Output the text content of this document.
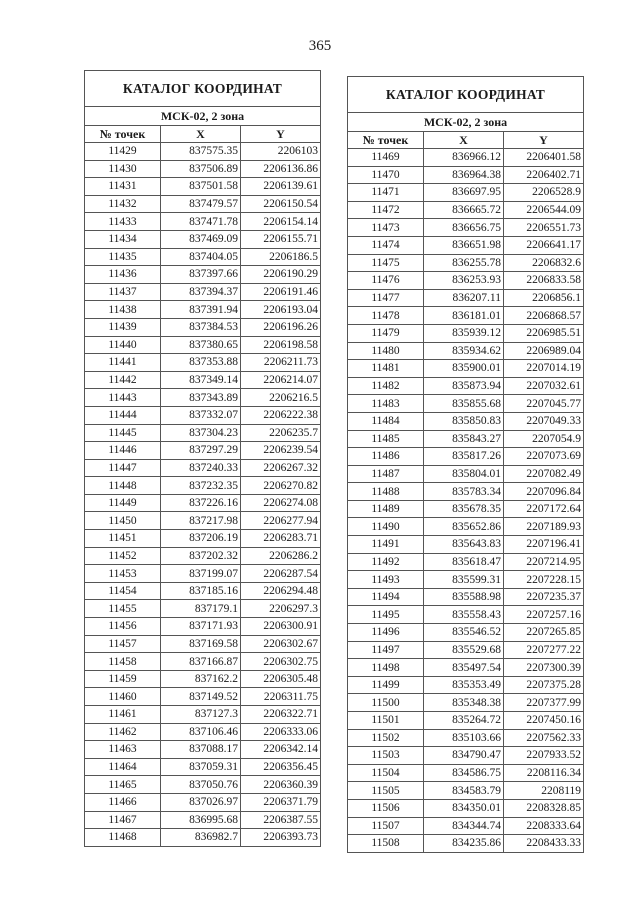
365
КАТАЛОГ КООРДИНАТ		
МСК-02, 2 зона		
№ точек	X	Y
11429	837575.35	2206103
11430	837506.89	2206136.86
11431	837501.58	2206139.61
11432	837479.57	2206150.54
11433	837471.78	2206154.14
11434	837469.09	2206155.71
11435	837404.05	2206186.5
11436	837397.66	2206190.29
11437	837394.37	2206191.46
11438	837391.94	2206193.04
11439	837384.53	2206196.26
11440	837380.65	2206198.58
11441	837353.88	2206211.73
11442	837349.14	2206214.07
11443	837343.89	2206216.5
11444	837332.07	2206222.38
11445	837304.23	2206235.7
11446	837297.29	2206239.54
11447	837240.33	2206267.32
11448	837232.35	2206270.82
11449	837226.16	2206274.08
11450	837217.98	2206277.94
11451	837206.19	2206283.71
11452	837202.32	2206286.2
11453	837199.07	2206287.54
11454	837185.16	2206294.48
11455	837179.1	2206297.3
11456	837171.93	2206300.91
11457	837169.58	2206302.67
11458	837166.87	2206302.75
11459	837162.2	2206305.48
11460	837149.52	2206311.75
11461	837127.3	2206322.71
11462	837106.46	2206333.06
11463	837088.17	2206342.14
11464	837059.31	2206356.45
11465	837050.76	2206360.39
11466	837026.97	2206371.79
11467	836995.68	2206387.55
11468	836982.7	2206393.73
КАТАЛОГ КООРДИНАТ		
МСК-02, 2 зона		
№ точек	X	Y
11469	836966.12	2206401.58
11470	836964.38	2206402.71
11471	836697.95	2206528.9
11472	836665.72	2206544.09
11473	836656.75	2206551.73
11474	836651.98	2206641.17
11475	836255.78	2206832.6
11476	836253.93	2206833.58
11477	836207.11	2206856.1
11478	836181.01	2206868.57
11479	835939.12	2206985.51
11480	835934.62	2206989.04
11481	835900.01	2207014.19
11482	835873.94	2207032.61
11483	835855.68	2207045.77
11484	835850.83	2207049.33
11485	835843.27	2207054.9
11486	835817.26	2207073.69
11487	835804.01	2207082.49
11488	835783.34	2207096.84
11489	835678.35	2207172.64
11490	835652.86	2207189.93
11491	835643.83	2207196.41
11492	835618.47	2207214.95
11493	835599.31	2207228.15
11494	835588.98	2207235.37
11495	835558.43	2207257.16
11496	835546.52	2207265.85
11497	835529.68	2207277.22
11498	835497.54	2207300.39
11499	835353.49	2207375.28
11500	835348.38	2207377.99
11501	835264.72	2207450.16
11502	835103.66	2207562.33
11503	834790.47	2207933.52
11504	834586.75	2208116.34
11505	834583.79	2208119
11506	834350.01	2208328.85
11507	834344.74	2208333.64
11508	834235.86	2208433.33
